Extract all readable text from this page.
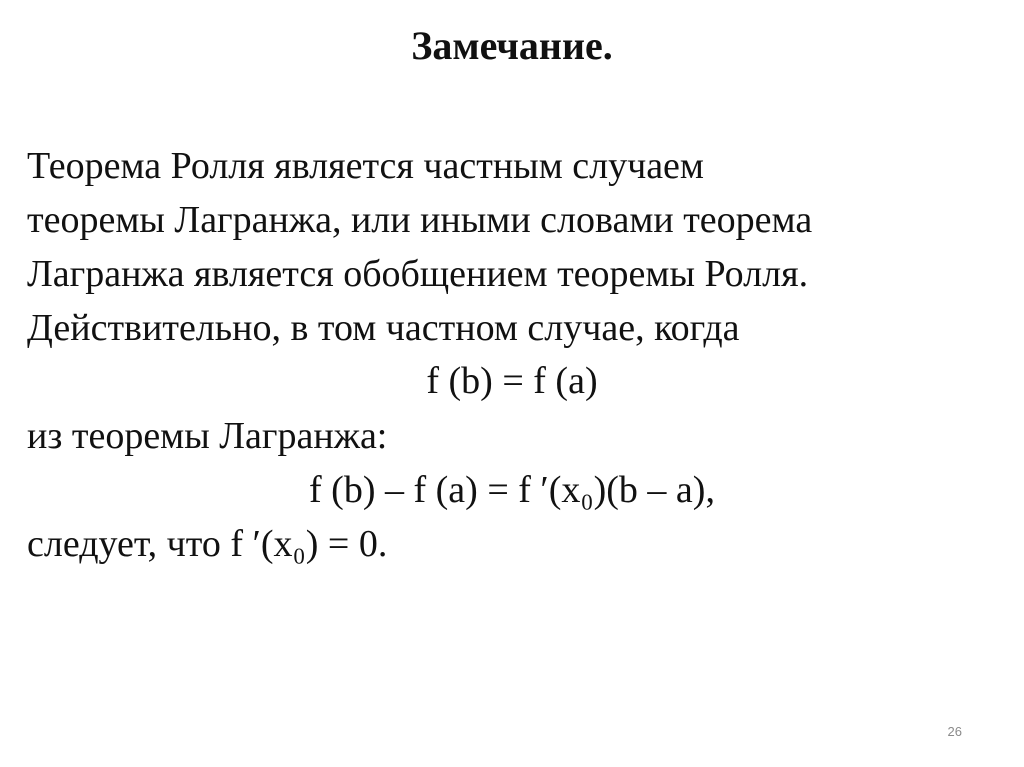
Замечание.
Теорема Ролля является частным случаем
теоремы Лагранжа, или иными словами теорема
Лагранжа является обобщением теоремы Ролля.
Действительно, в том частном случае, когда
f (b) = f (a)
из теоремы Лагранжа:
f (b) – f (a) = f ′(x₀)(b – a),
следует, что f ′(x₀) = 0.
26
